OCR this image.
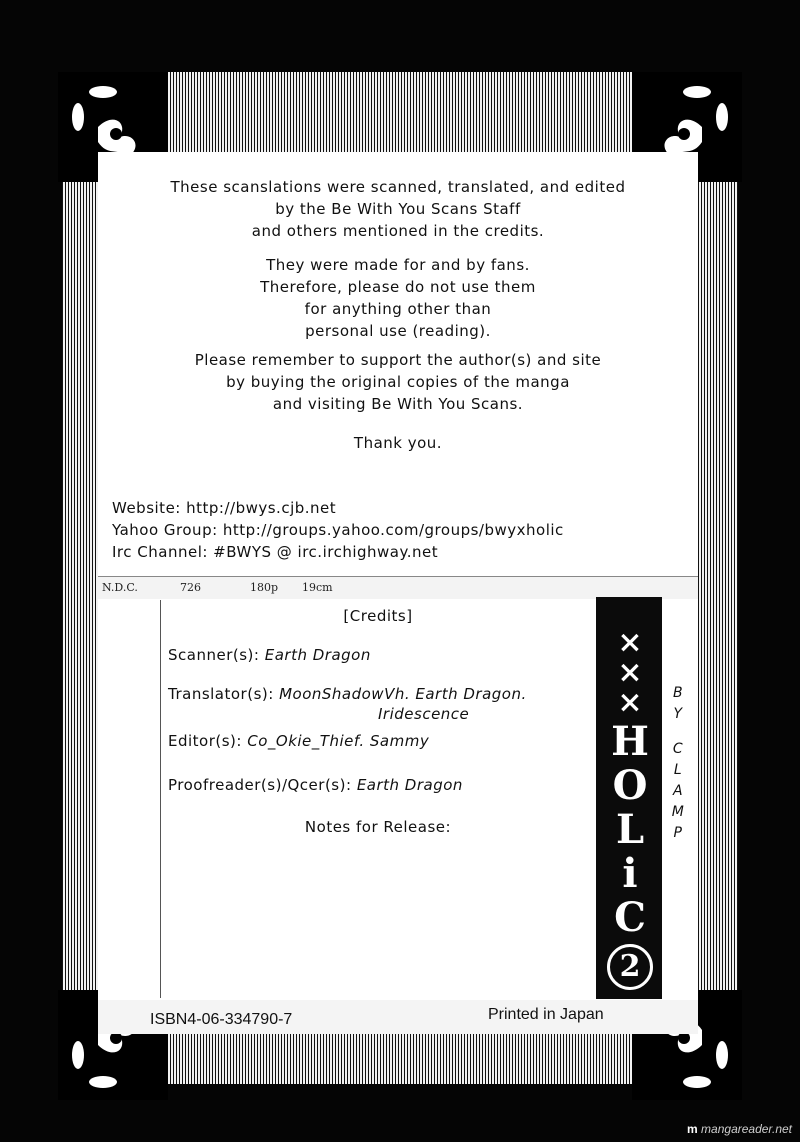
These scanslations were scanned, translated, and edited
by the Be With You Scans Staff
and others mentioned in the credits.
They were made for and by fans.
Therefore, please do not use them
for anything other than
personal use (reading).
Please remember to support the author(s) and site
by buying the original copies of the manga
and visiting Be With You Scans.
Thank you.
Website: http://bwys.cjb.net
Yahoo Group: http://groups.yahoo.com/groups/bwyxholic
Irc Channel: #BWYS @ irc.irchighway.net
N.D.C.	726	180p 19cm
[Credits]
Scanner(s): Earth Dragon
Translator(s): MoonShadowVh. Earth Dragon.
Iridescence
Editor(s): Co_Okie_Thief. Sammy
Proofreader(s)/Qcer(s): Earth Dragon
Notes for Release:
×
×
×
H
O
L
i
C
2
B
Y
C
L
A
M
P
ISBN4-06-334790-7	Printed in Japan
m mangareader.net
